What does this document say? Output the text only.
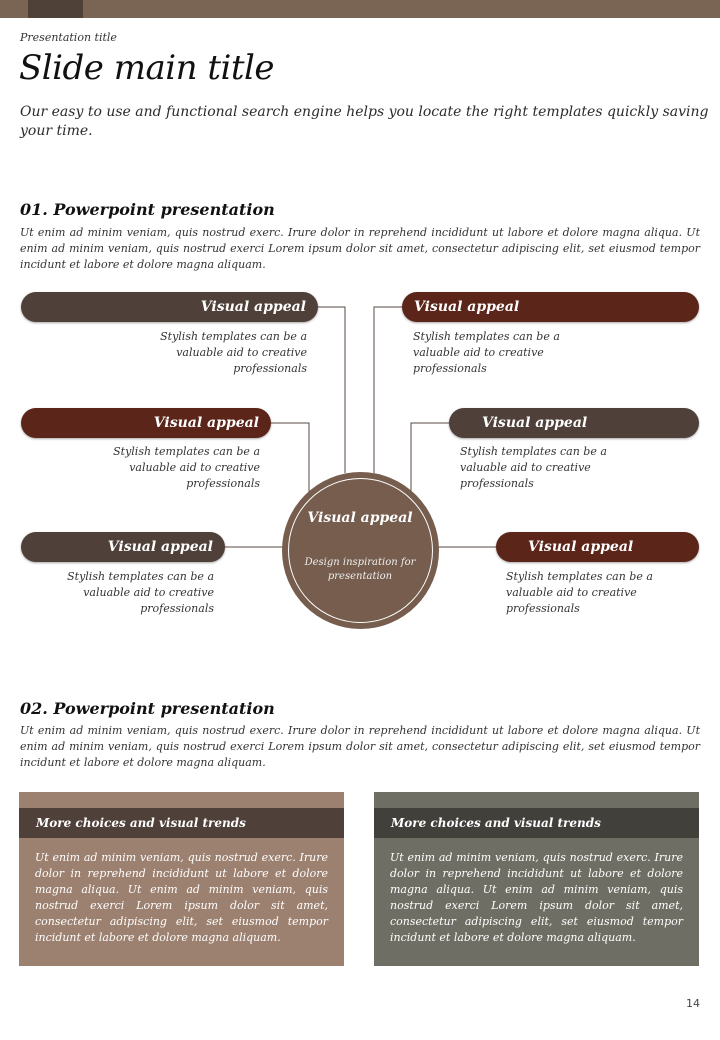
Presentation title
Slide main title
Our easy to use and functional search engine helps you locate the right templates quickly saving your time.
01. Powerpoint presentation
Ut enim ad minim veniam, quis nostrud exerc. Irure dolor in reprehend incididunt ut labore et dolore magna aliqua. Ut enim ad minim veniam, quis nostrud exerci Lorem ipsum dolor sit amet, consectetur adipiscing elit, set eiusmod tempor incidunt et labore et dolore magna aliquam.
Visual appeal
Stylish templates can be a valuable aid to creative professionals
Visual appeal
Stylish templates can be a valuable aid to creative professionals
Visual appeal
Stylish templates can be a valuable aid to creative professionals
Visual appeal
Stylish templates can be a valuable aid to creative professionals
Visual appeal
Stylish templates can be a valuable aid to creative professionals
Visual appeal
Stylish templates can be a valuable aid to creative professionals
Visual appeal
Design inspiration for presentation
02. Powerpoint presentation
Ut enim ad minim veniam, quis nostrud exerc. Irure dolor in reprehend incididunt ut labore et dolore magna aliqua. Ut enim ad minim veniam, quis nostrud exerci Lorem ipsum dolor sit amet, consectetur adipiscing elit, set eiusmod tempor incidunt et labore et dolore magna aliquam.
More choices and visual trends
Ut enim ad minim veniam, quis nostrud exerc. Irure dolor in reprehend incididunt ut labore et dolore magna aliqua. Ut enim ad minim veniam, quis nostrud exerci Lorem ipsum dolor sit amet, consectetur adipiscing elit, set eiusmod tempor incidunt et labore et dolore magna aliquam.
More choices and visual trends
Ut enim ad minim veniam, quis nostrud exerc. Irure dolor in reprehend incididunt ut labore et dolore magna aliqua. Ut enim ad minim veniam, quis nostrud exerci Lorem ipsum dolor sit amet, consectetur adipiscing elit, set eiusmod tempor incidunt et labore et dolore magna aliquam.
14
